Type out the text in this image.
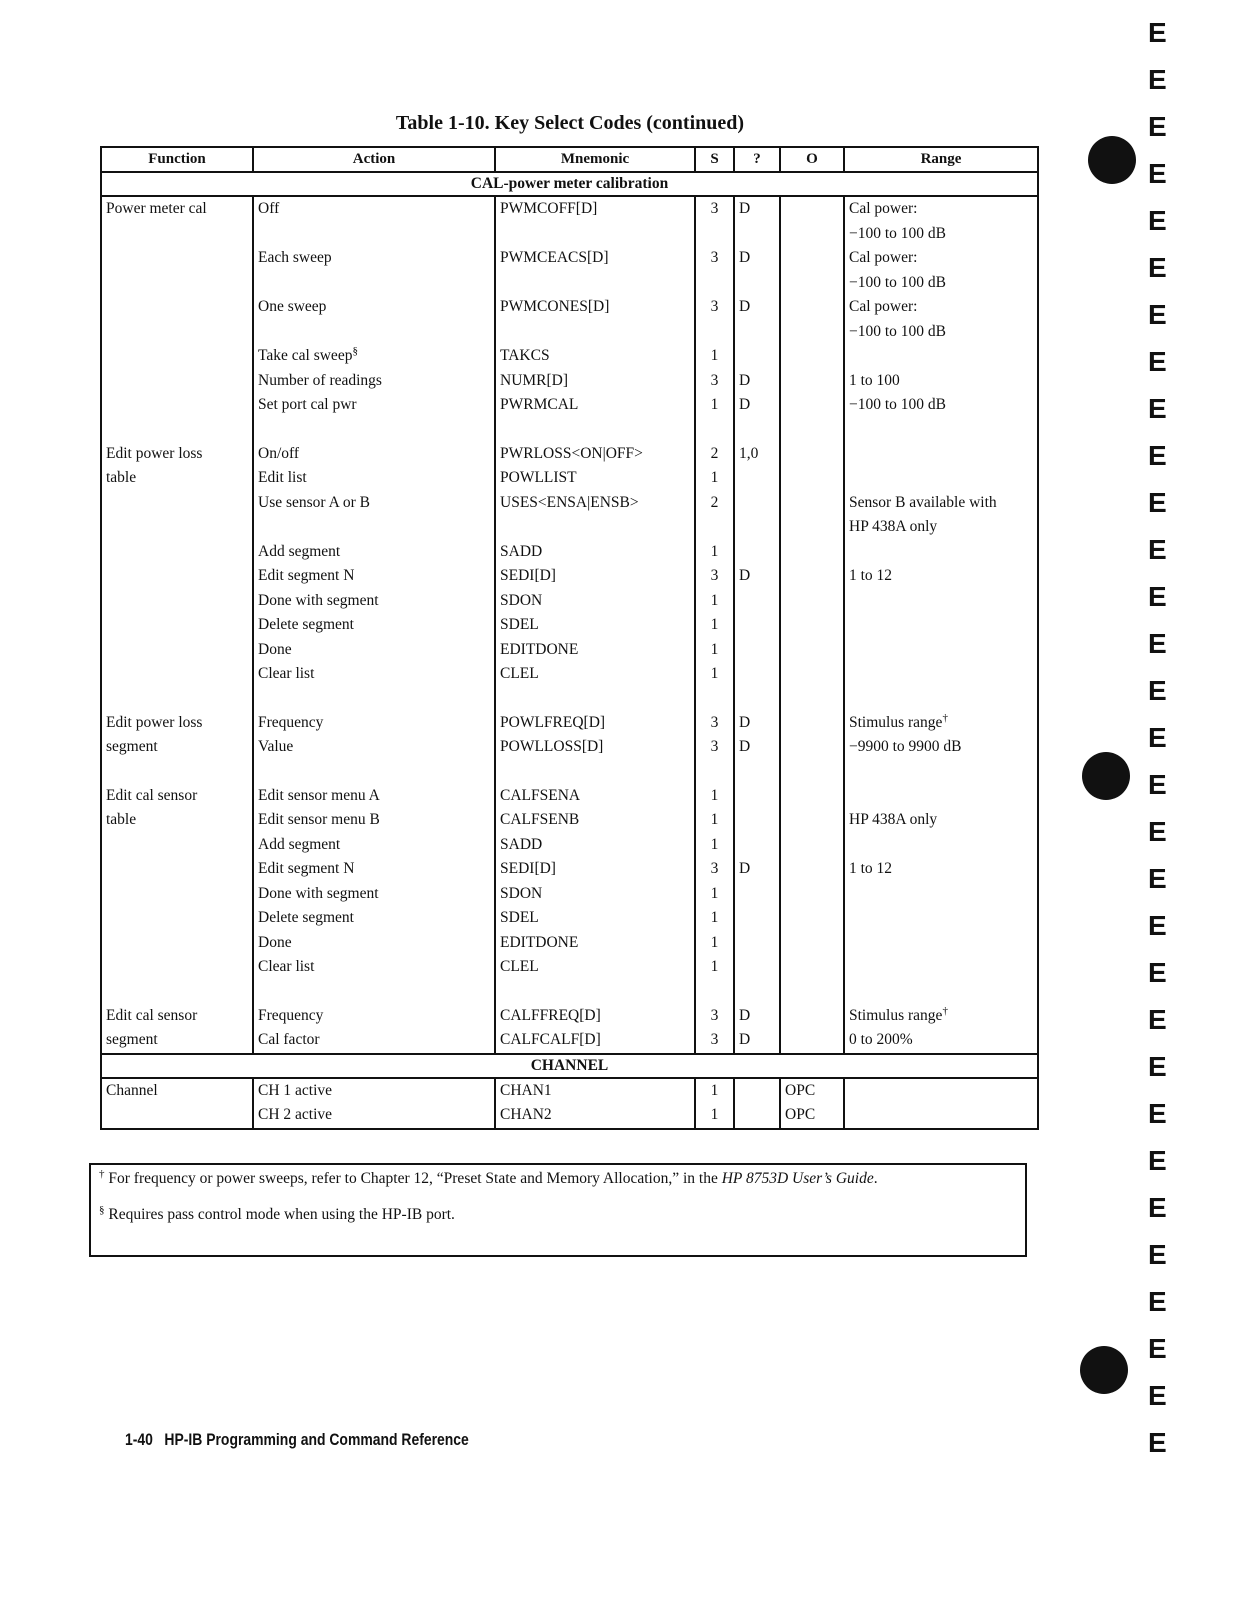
Table 1-10. Key Select Codes (continued)
Function	Action	Mnemonic	S	?	O	Range
CAL-power meter calibration						
Power meter cal	Off	PWMCOFF[D]	3	D		Cal power:
						−100 to 100 dB
	Each sweep	PWMCEACS[D]	3	D		Cal power:
						−100 to 100 dB
	One sweep	PWMCONES[D]	3	D		Cal power:
						−100 to 100 dB
	Take cal sweep§	TAKCS	1			
	Number of readings	NUMR[D]	3	D		1 to 100
	Set port cal pwr	PWRMCAL	1	D		−100 to 100 dB

Edit power loss	On/off	PWRLOSS<ON|OFF>	2	1,0		
table	Edit list	POWLLIST	1			
	Use sensor A or B	USES<ENSA|ENSB>	2			Sensor B available with
						HP 438A only
	Add segment	SADD	1			
	Edit segment N	SEDI[D]	3	D		1 to 12
	Done with segment	SDON	1			
	Delete segment	SDEL	1			
	Done	EDITDONE	1			
	Clear list	CLEL	1			

Edit power loss	Frequency	POWLFREQ[D]	3	D		Stimulus range†
segment	Value	POWLLOSS[D]	3	D		−9900 to 9900 dB

Edit cal sensor	Edit sensor menu A	CALFSENA	1			
table	Edit sensor menu B	CALFSENB	1			HP 438A only
	Add segment	SADD	1			
	Edit segment N	SEDI[D]	3	D		1 to 12
	Done with segment	SDON	1			
	Delete segment	SDEL	1			
	Done	EDITDONE	1			
	Clear list	CLEL	1			

Edit cal sensor	Frequency	CALFFREQ[D]	3	D		Stimulus range†
segment	Cal factor	CALFCALF[D]	3	D		0 to 200%
CHANNEL						
Channel	CH 1 active	CHAN1	1		OPC	
	CH 2 active	CHAN2	1		OPC	

† For frequency or power sweeps, refer to Chapter 12, “Preset State and Memory Allocation,” in the HP 8753D User’s Guide.

§ Requires pass control mode when using the HP-IB port.

1-40 HP-IB Programming and Command Reference
E
E
E
E
E
E
E
E
E
E
E
E
E
E
E
E
E
E
E
E
E
E
E
E
E
E
E
E
E
E
E
